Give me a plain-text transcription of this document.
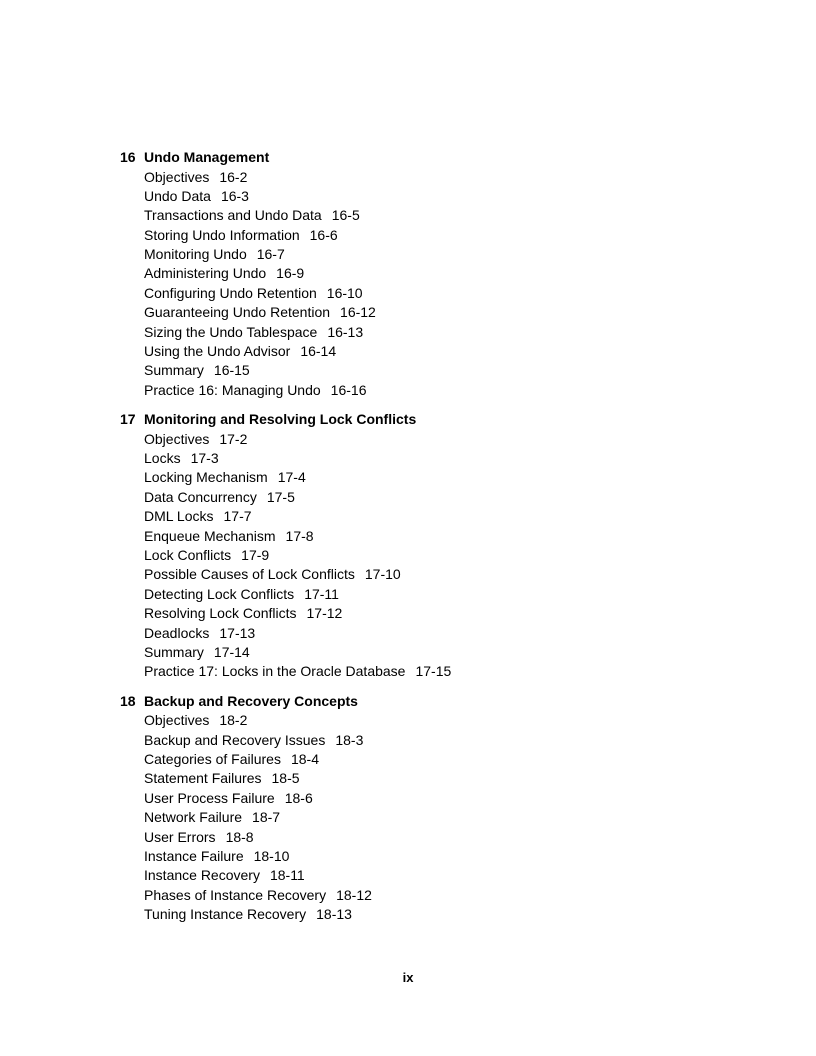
16 Undo Management
Objectives 16-2
Undo Data 16-3
Transactions and Undo Data 16-5
Storing Undo Information 16-6
Monitoring Undo 16-7
Administering Undo 16-9
Configuring Undo Retention 16-10
Guaranteeing Undo Retention 16-12
Sizing the Undo Tablespace 16-13
Using the Undo Advisor 16-14
Summary 16-15
Practice 16: Managing Undo 16-16
17 Monitoring and Resolving Lock Conflicts
Objectives 17-2
Locks 17-3
Locking Mechanism 17-4
Data Concurrency 17-5
DML Locks 17-7
Enqueue Mechanism 17-8
Lock Conflicts 17-9
Possible Causes of Lock Conflicts 17-10
Detecting Lock Conflicts 17-11
Resolving Lock Conflicts 17-12
Deadlocks 17-13
Summary 17-14
Practice 17: Locks in the Oracle Database 17-15
18 Backup and Recovery Concepts
Objectives 18-2
Backup and Recovery Issues 18-3
Categories of Failures 18-4
Statement Failures 18-5
User Process Failure 18-6
Network Failure 18-7
User Errors 18-8
Instance Failure 18-10
Instance Recovery 18-11
Phases of Instance Recovery 18-12
Tuning Instance Recovery 18-13
ix
